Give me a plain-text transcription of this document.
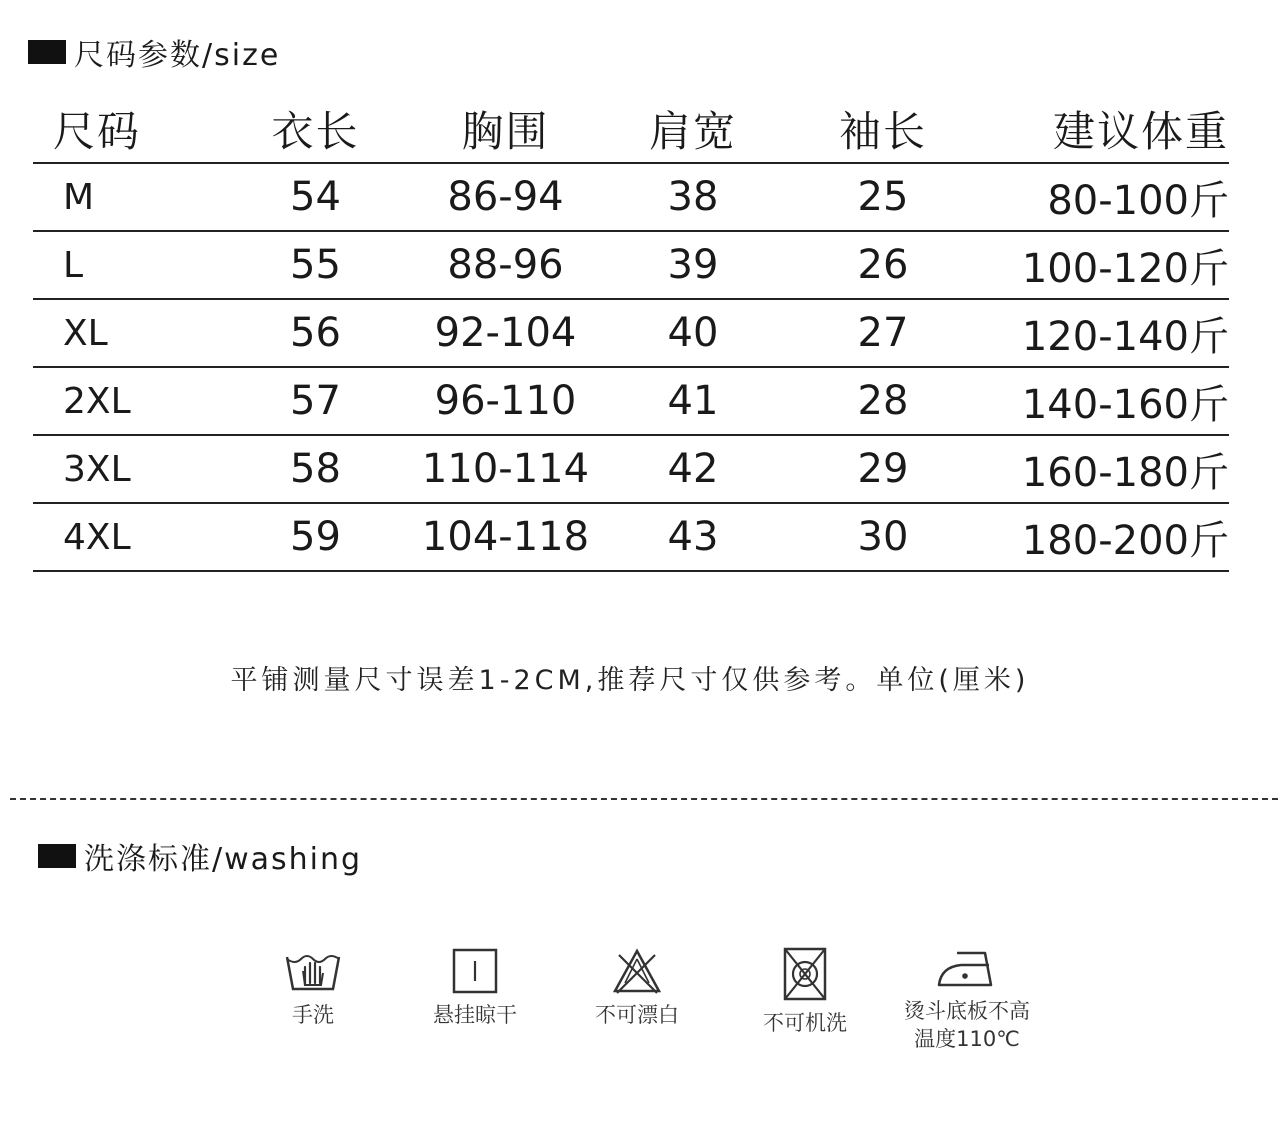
尺码参数/size
尺码	衣长	胸围	肩宽	袖长	建议体重
M	54	86-94	38	25	80-100斤
L	55	88-96	39	26	100-120斤
XL	56	92-104	40	27	120-140斤
2XL	57	96-110	41	28	140-160斤
3XL	58	110-114	42	29	160-180斤
4XL	59	104-118	43	30	180-200斤
平铺测量尺寸误差1-2CM,推荐尺寸仅供参考。单位(厘米)
洗涤标准/washing
手洗	悬挂晾干	不可漂白	不可机洗	烫斗底板不高
温度110℃
